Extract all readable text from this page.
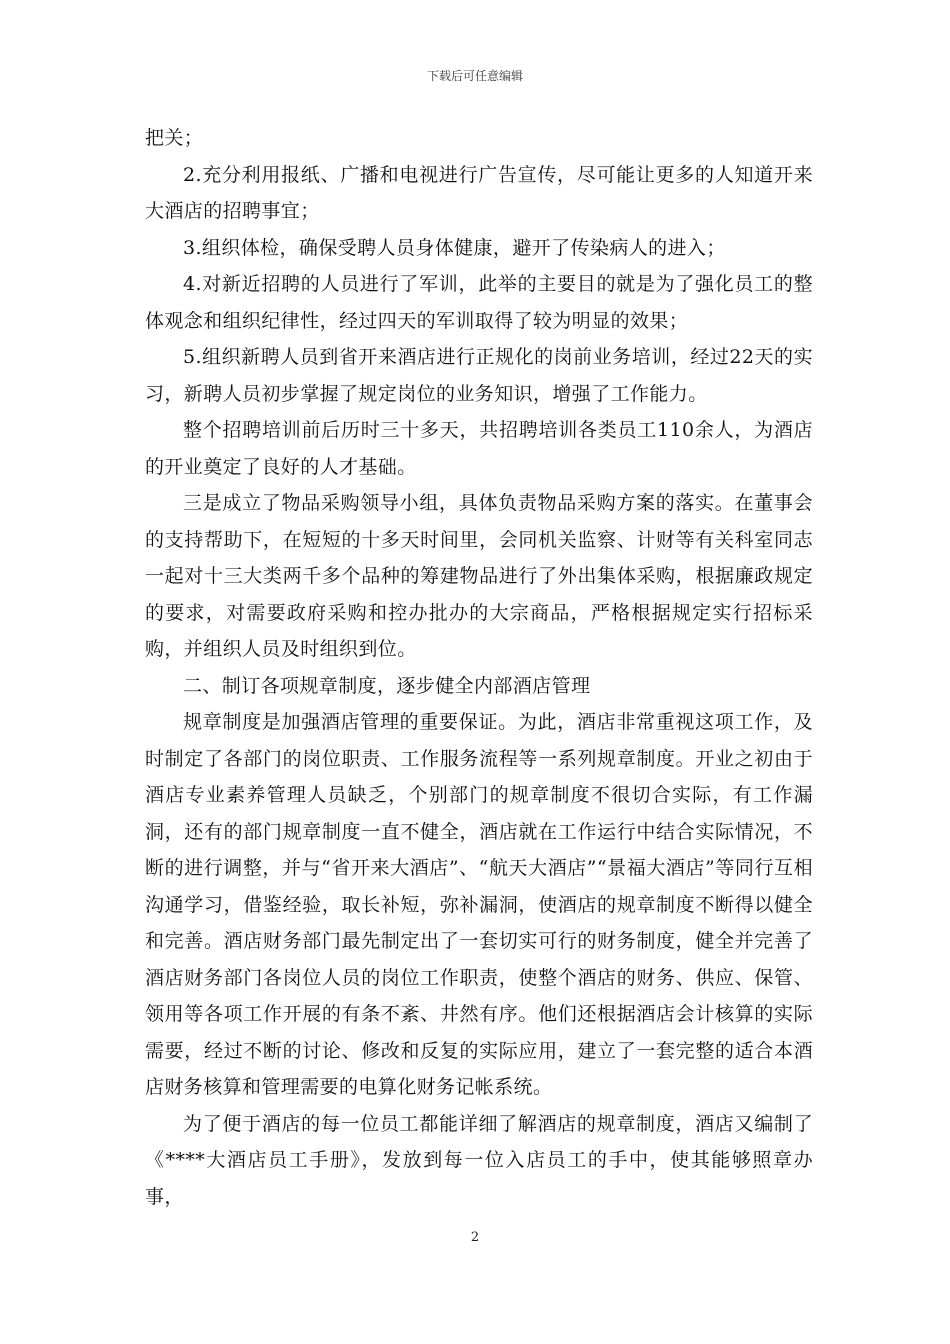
下载后可任意编辑

把关；

2.充分利用报纸、广播和电视进行广告宣传，尽可能让更多的人知道开来大酒店的招聘事宜；

3.组织体检，确保受聘人员身体健康，避开了传染病人的进入；

4.对新近招聘的人员进行了军训，此举的主要目的就是为了强化员工的整体观念和组织纪律性，经过四天的军训取得了较为明显的效果；

5.组织新聘人员到省开来酒店进行正规化的岗前业务培训，经过22天的实习，新聘人员初步掌握了规定岗位的业务知识，增强了工作能力。

整个招聘培训前后历时三十多天，共招聘培训各类员工110余人，为酒店的开业奠定了良好的人才基础。

三是成立了物品采购领导小组，具体负责物品采购方案的落实。在董事会的支持帮助下，在短短的十多天时间里，会同机关监察、计财等有关科室同志一起对十三大类两千多个品种的筹建物品进行了外出集体采购，根据廉政规定的要求，对需要政府采购和控办批办的大宗商品，严格根据规定实行招标采购，并组织人员及时组织到位。

二、制订各项规章制度，逐步健全内部酒店管理

规章制度是加强酒店管理的重要保证。为此，酒店非常重视这项工作，及时制定了各部门的岗位职责、工作服务流程等一系列规章制度。开业之初由于酒店专业素养管理人员缺乏，个别部门的规章制度不很切合实际，有工作漏洞，还有的部门规章制度一直不健全，酒店就在工作运行中结合实际情况，不断的进行调整，并与“省开来大酒店”、“航天大酒店”“景福大酒店”等同行互相沟通学习，借鉴经验，取长补短，弥补漏洞，使酒店的规章制度不断得以健全和完善。酒店财务部门最先制定出了一套切实可行的财务制度，健全并完善了酒店财务部门各岗位人员的岗位工作职责，使整个酒店的财务、供应、保管、领用等各项工作开展的有条不紊、井然有序。他们还根据酒店会计核算的实际需要，经过不断的讨论、修改和反复的实际应用，建立了一套完整的适合本酒店财务核算和管理需要的电算化财务记帐系统。

为了便于酒店的每一位员工都能详细了解酒店的规章制度，酒店又编制了《****大酒店员工手册》，发放到每一位入店员工的手中，使其能够照章办事，

2
